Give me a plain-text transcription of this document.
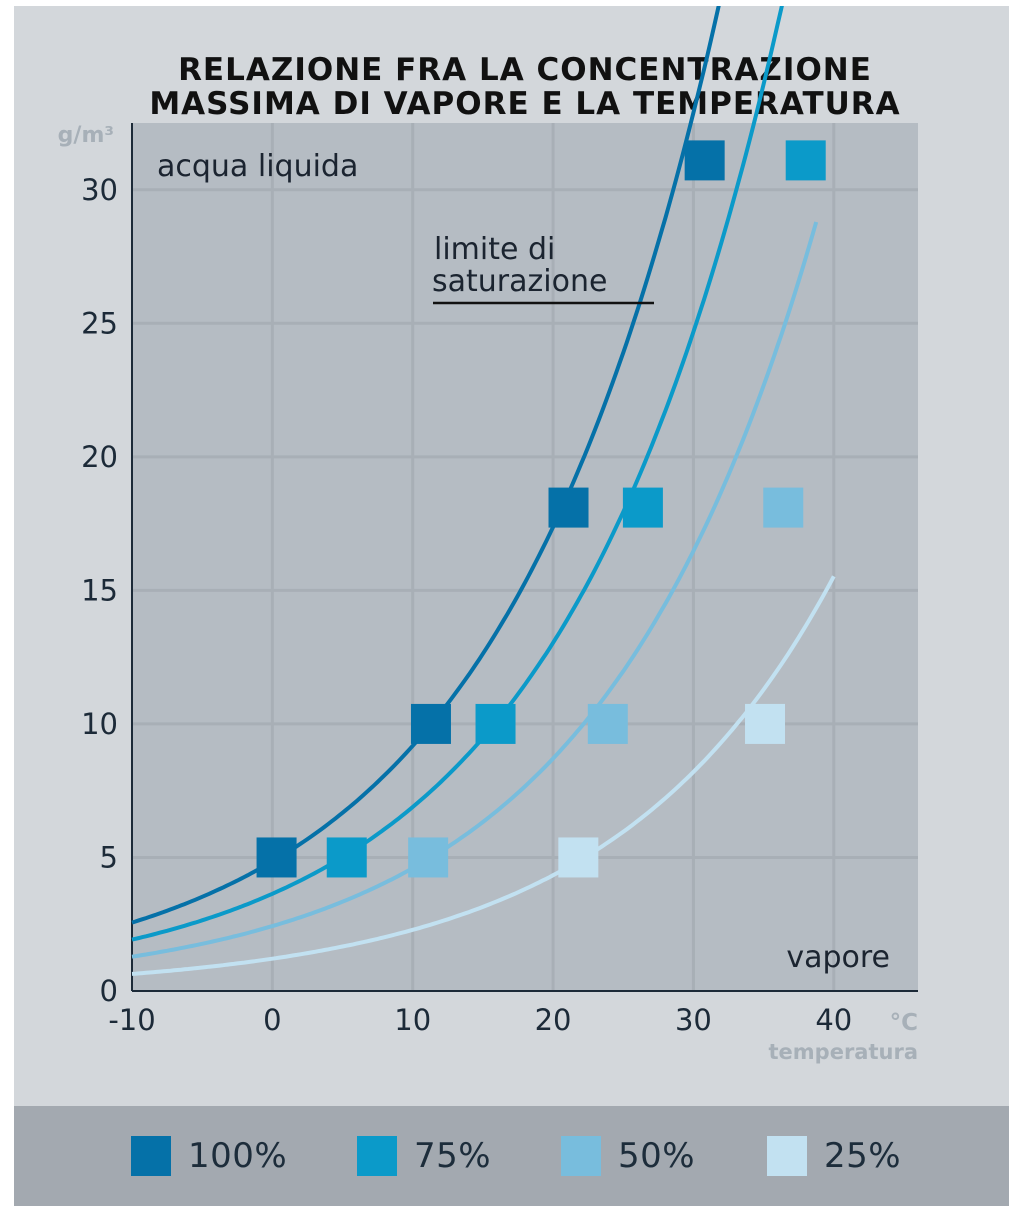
RELAZIONE FRA LA CONCENTRAZIONE
MASSIMA DI VAPORE E LA TEMPERATURA
0
5
10
15
20
25
30
-10	0	10	20	30	40
g/m³
°C
temperatura
acqua liquida
limite di
saturazione
vapore
100%	75%	50%	25%
